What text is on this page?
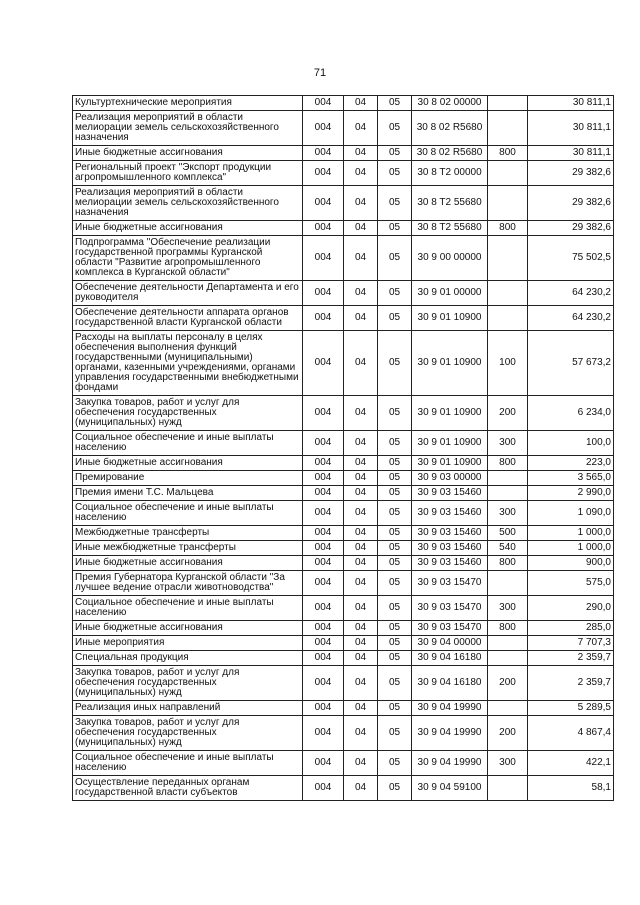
71
Культуртехнические мероприятия	004	04	05	30 8 02 00000		30 811,1
Реализация мероприятий в области мелиорации земель сельскохозяйственного назначения	004	04	05	30 8 02 R5680		30 811,1
Иные бюджетные ассигнования	004	04	05	30 8 02 R5680	800	30 811,1
Региональный проект "Экспорт продукции агропромышленного комплекса"	004	04	05	30 8 T2 00000		29 382,6
Реализация мероприятий в области мелиорации земель сельскохозяйственного назначения	004	04	05	30 8 T2 55680		29 382,6
Иные бюджетные ассигнования	004	04	05	30 8 T2 55680	800	29 382,6
Подпрограмма "Обеспечение реализации государственной программы Курганской области "Развитие агропромышленного комплекса в Курганской области"	004	04	05	30 9 00 00000		75 502,5
Обеспечение деятельности Департамента и его руководителя	004	04	05	30 9 01 00000		64 230,2
Обеспечение деятельности аппарата органов государственной власти Курганской области	004	04	05	30 9 01 10900		64 230,2
Расходы на выплаты персоналу в целях обеспечения выполнения функций государственными (муниципальными) органами, казенными учреждениями, органами управления государственными внебюджетными фондами	004	04	05	30 9 01 10900	100	57 673,2
Закупка товаров, работ и услуг для обеспечения государственных (муниципальных) нужд	004	04	05	30 9 01 10900	200	6 234,0
Социальное обеспечение и иные выплаты населению	004	04	05	30 9 01 10900	300	100,0
Иные бюджетные ассигнования	004	04	05	30 9 01 10900	800	223,0
Премирование	004	04	05	30 9 03 00000		3 565,0
Премия имени Т.С. Мальцева	004	04	05	30 9 03 15460		2 990,0
Социальное обеспечение и иные выплаты населению	004	04	05	30 9 03 15460	300	1 090,0
Межбюджетные трансферты	004	04	05	30 9 03 15460	500	1 000,0
Иные межбюджетные трансферты	004	04	05	30 9 03 15460	540	1 000,0
Иные бюджетные ассигнования	004	04	05	30 9 03 15460	800	900,0
Премия Губернатора Курганской области "За лучшее ведение отрасли животноводства"	004	04	05	30 9 03 15470		575,0
Социальное обеспечение и иные выплаты населению	004	04	05	30 9 03 15470	300	290,0
Иные бюджетные ассигнования	004	04	05	30 9 03 15470	800	285,0
Иные мероприятия	004	04	05	30 9 04 00000		7 707,3
Специальная продукция	004	04	05	30 9 04 16180		2 359,7
Закупка товаров, работ и услуг для обеспечения государственных (муниципальных) нужд	004	04	05	30 9 04 16180	200	2 359,7
Реализация иных направлений	004	04	05	30 9 04 19990		5 289,5
Закупка товаров, работ и услуг для обеспечения государственных (муниципальных) нужд	004	04	05	30 9 04 19990	200	4 867,4
Социальное обеспечение и иные выплаты населению	004	04	05	30 9 04 19990	300	422,1
Осуществление переданных органам государственной власти субъектов	004	04	05	30 9 04 59100		58,1
